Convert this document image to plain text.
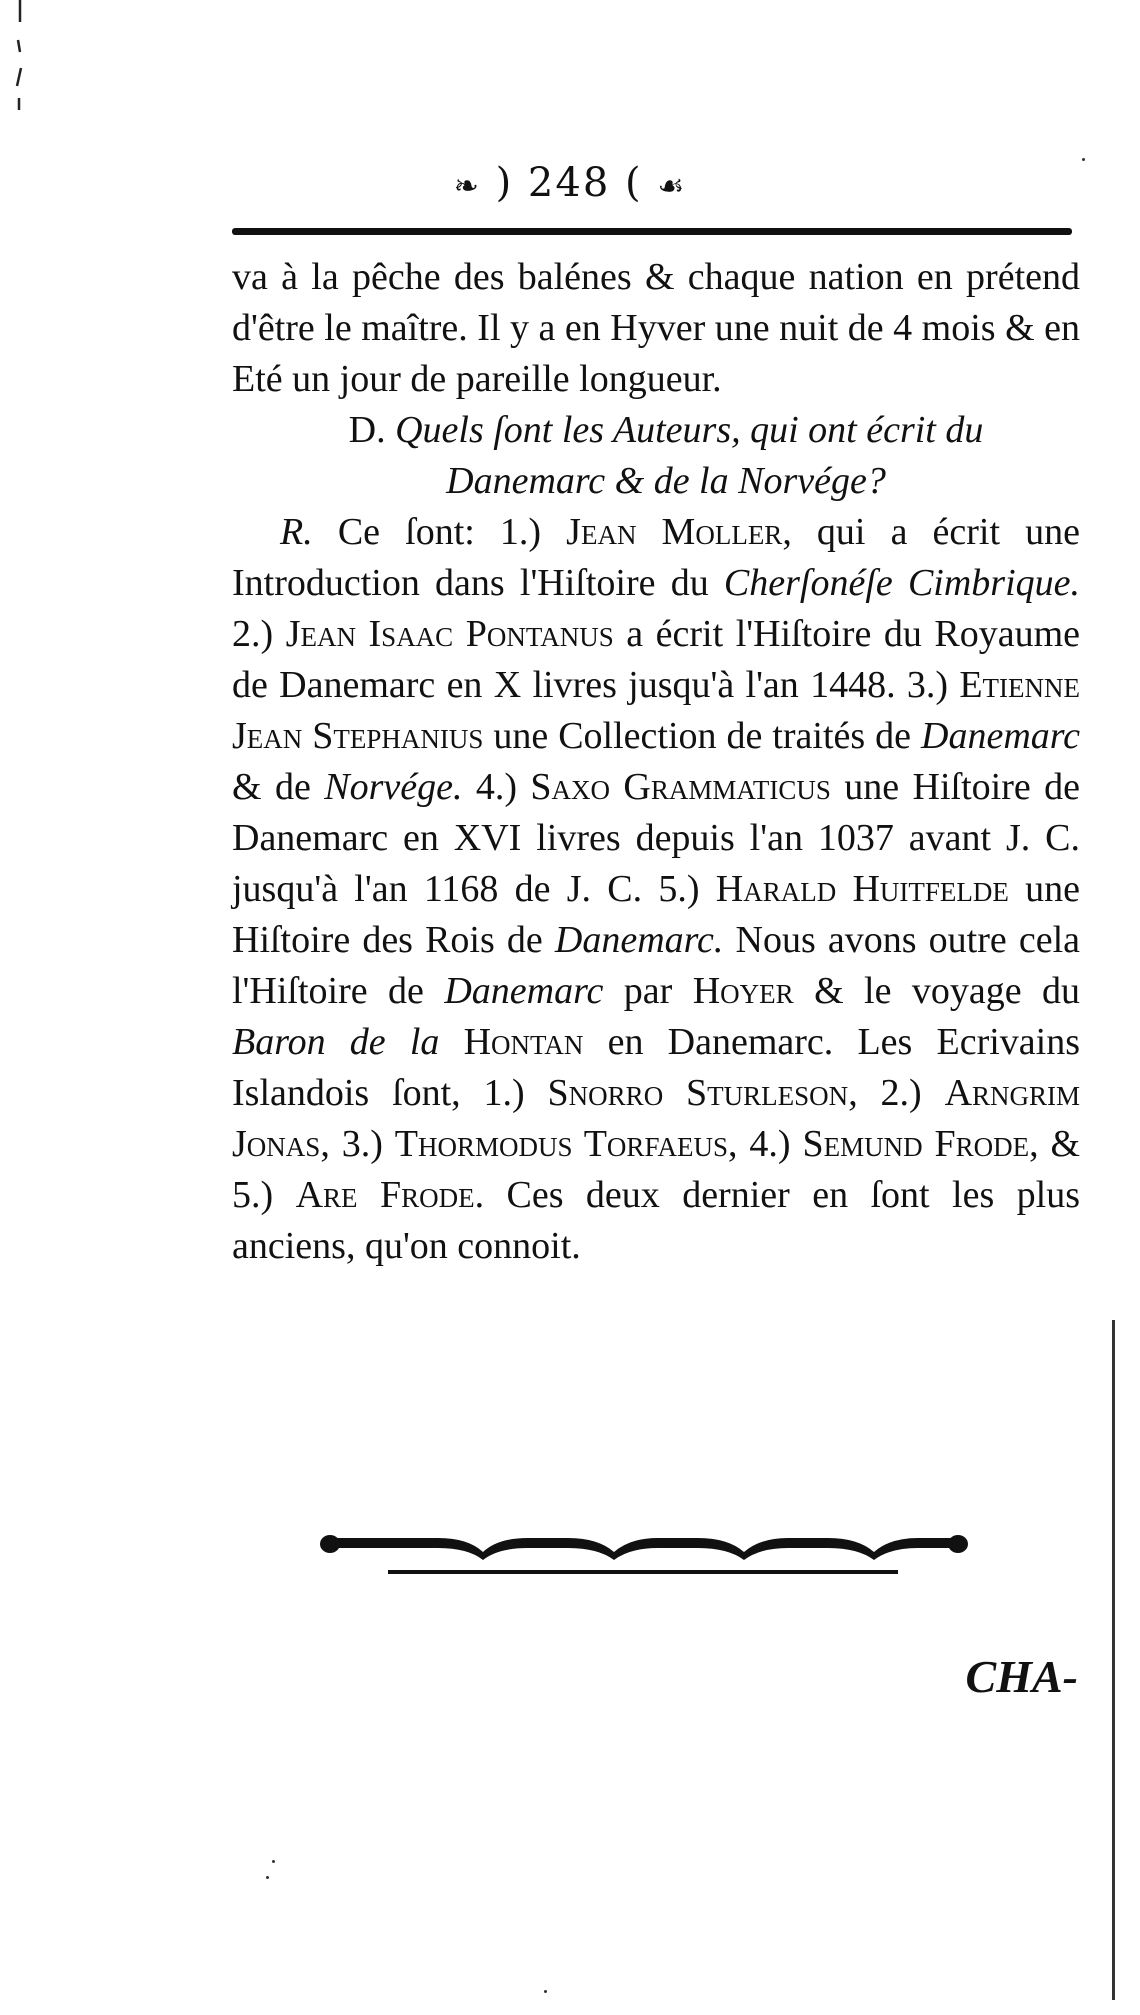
❧ ) 248 ( ☙

va à la pêche des balénes & chaque nation en prétend d'être le maître. Il y a en Hyver une nuit de 4 mois & en Eté un jour de pareille longueur.

D. Quels ſont les Auteurs, qui ont écrit du Danemarc & de la Norvége?

R. Ce ſont: 1.) Jean Moller, qui a écrit une Introduction dans l'Hiſtoire du Cherſonéſe Cimbrique. 2.) Jean Isaac Pontanus a écrit l'Hiſtoire du Royaume de Danemarc en X livres jusqu'à l'an 1448. 3.) Etienne Jean Stephanius une Collection de traités de Danemarc & de Norvége. 4.) Saxo Grammaticus une Hiſtoire de Danemarc en XVI livres depuis l'an 1037 avant J. C. jusqu'à l'an 1168 de J. C. 5.) Harald Huitfelde une Hiſtoire des Rois de Danemarc. Nous avons outre cela l'Hiſtoire de Danemarc par Hoyer & le voyage du Baron de la Hontan en Danemarc. Les Ecrivains Islandois ſont, 1.) Snorro Sturleson, 2.) Arngrim Jonas, 3.) Thormodus Torfaeus, 4.) Semund Frode, & 5.) Are Frode. Ces deux dernier en ſont les plus anciens, qu'on connoit.

CHA-
